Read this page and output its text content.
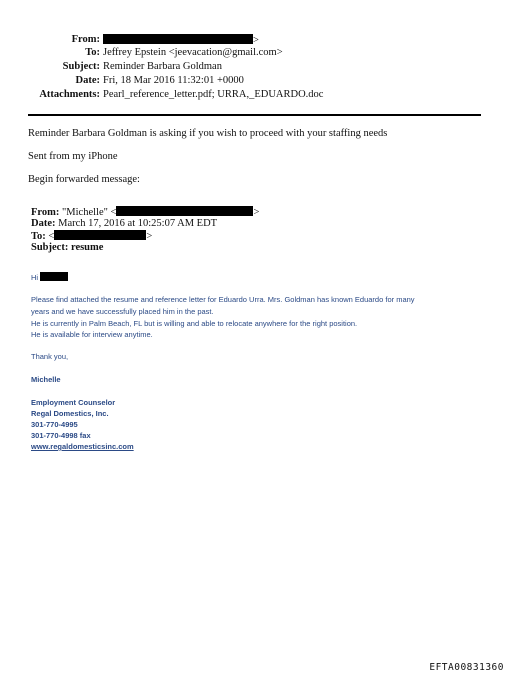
From:	>
To: Jeffrey Epstein <jeevacation@gmail.com>
Subject: Reminder Barbara Goldman
Date: Fri, 18 Mar 2016 11:32:01 +0000
Attachments: Pearl_reference_letter.pdf; URRA,_EDUARDO.doc
Reminder Barbara Goldman is asking if you wish to proceed with your staffing needs
Sent from my iPhone
Begin forwarded message:
From: "Michelle" <	>
Date: March 17, 2016 at 10:25:07 AM EDT
To: <	>
Subject: resume
Hi
Please find attached the resume and reference letter for Eduardo Urra. Mrs. Goldman has known Eduardo for many
years and we have successfully placed him in the past.
He is currently in Palm Beach, FL but is willing and able to relocate anywhere for the right position.
He is available for interview anytime.
Thank you,
Michelle
Employment Counselor
Regal Domestics, Inc.
301-770-4995
301-770-4998 fax
www.regaldomesticsinc.com
EFTA00831360
